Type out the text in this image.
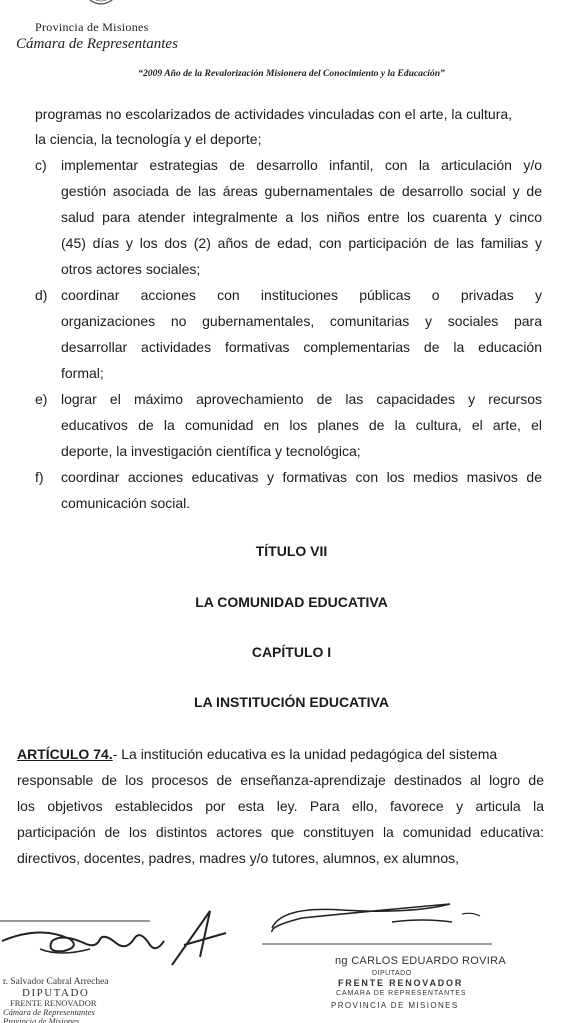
Provincia de Misiones
Cámara de Representantes
“2009 Año de la Revalorización Misionera del Conocimiento y la Educación”
programas no escolarizados de actividades vinculadas con el arte, la cultura,
la ciencia, la tecnología y el deporte;
c) implementar estrategias de desarrollo infantil, con la articulación y/o
gestión asociada de las áreas gubernamentales de desarrollo social y de
salud para atender integralmente a los niños entre los cuarenta y cinco
(45) días y los dos (2) años de edad, con participación de las familias y
otros actores sociales;
d) coordinar acciones con instituciones públicas o privadas y
organizaciones no gubernamentales, comunitarias y sociales para
desarrollar actividades formativas complementarias de la educación
formal;
e) lograr el máximo aprovechamiento de las capacidades y recursos
educativos de la comunidad en los planes de la cultura, el arte, el
deporte, la investigación científica y tecnológica;
f) coordinar acciones educativas y formativas con los medios masivos de
comunicación social.
TÍTULO VII
LA COMUNIDAD EDUCATIVA
CAPÍTULO I
LA INSTITUCIÓN EDUCATIVA
ARTÍCULO 74.- La institución educativa es la unidad pedagógica del sistema
responsable de los procesos de enseñanza-aprendizaje destinados al logro de
los objetivos establecidos por esta ley. Para ello, favorece y articula la
participación de los distintos actores que constituyen la comunidad educativa:
directivos, docentes, padres, madres y/o tutores, alumnos, ex alumnos,
r. Salvador Cabral Arrechea
DIPUTADO
FRENTE RENOVADOR
Cámara de Representantes
Provincia de Misiones
ng CARLOS EDUARDO ROVIRA
DIPUTADO
FRENTE RENOVADOR
CAMARA DE REPRESENTANTES
PROVINCIA DE MISIONES
